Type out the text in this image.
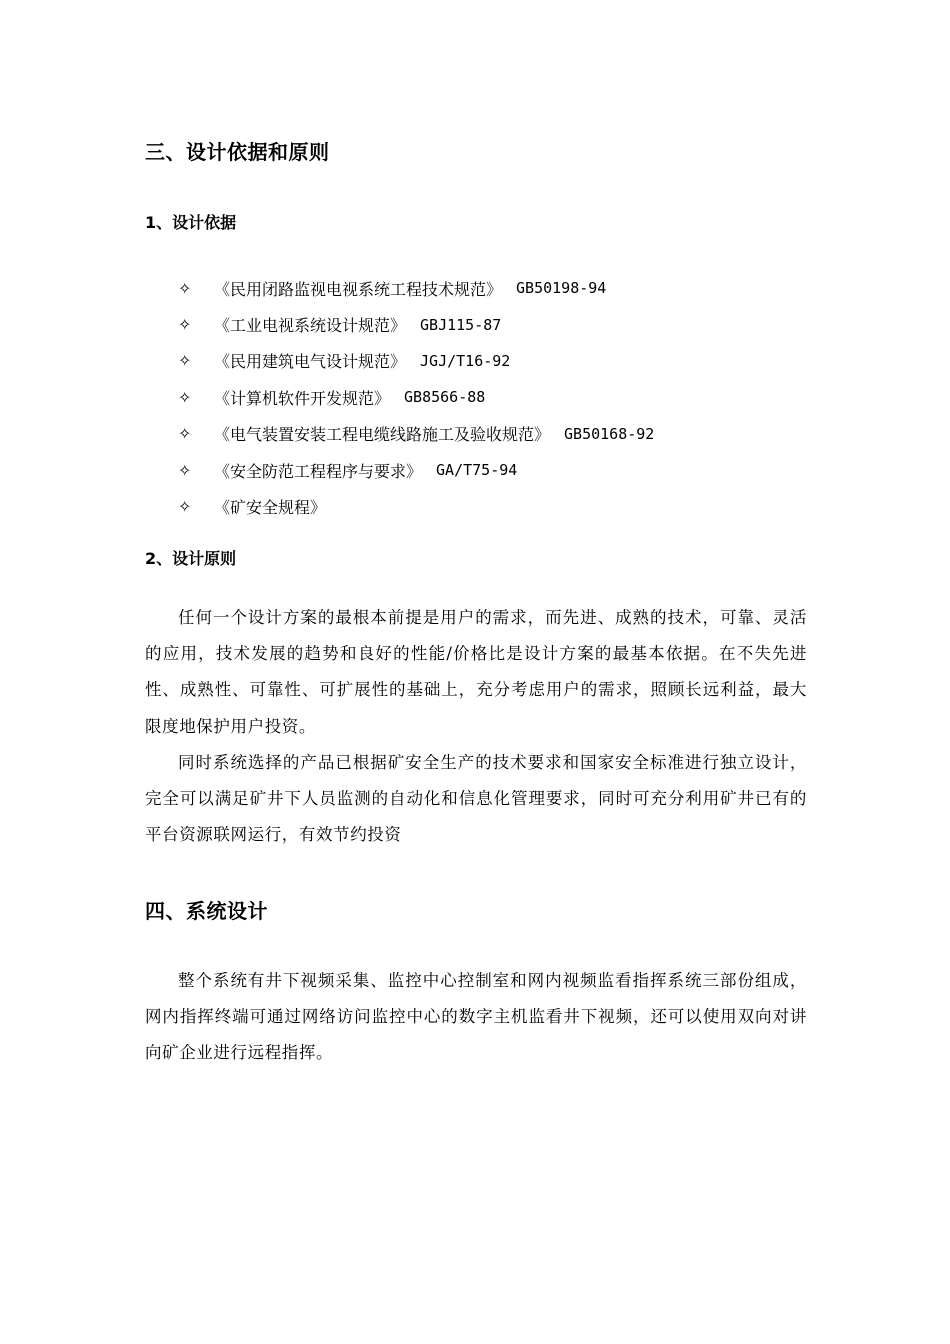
三、设计依据和原则
1、设计依据
✧	《民用闭路监视电视系统工程技术规范》 GB50198-94
✧	《工业电视系统设计规范》 GBJ115-87
✧	《民用建筑电气设计规范》 JGJ/T16-92
✧	《计算机软件开发规范》 GB8566-88
✧	《电气装置安装工程电缆线路施工及验收规范》 GB50168-92
✧	《安全防范工程程序与要求》 GA/T75-94
✧	《矿安全规程》
2、设计原则

任何一个设计方案的最根本前提是用户的需求，而先进、成熟的技术，可靠、灵活的应用，技术发展的趋势和良好的性能/价格比是设计方案的最基本依据。在不失先进性、成熟性、可靠性、可扩展性的基础上，充分考虑用户的需求，照顾长远利益，最大限度地保护用户投资。

同时系统选择的产品已根据矿安全生产的技术要求和国家安全标准进行独立设计，完全可以满足矿井下人员监测的自动化和信息化管理要求，同时可充分利用矿井已有的平台资源联网运行，有效节约投资

四、系统设计

整个系统有井下视频采集、监控中心控制室和网内视频监看指挥系统三部份组成，网内指挥终端可通过网络访问监控中心的数字主机监看井下视频，还可以使用双向对讲向矿企业进行远程指挥。
